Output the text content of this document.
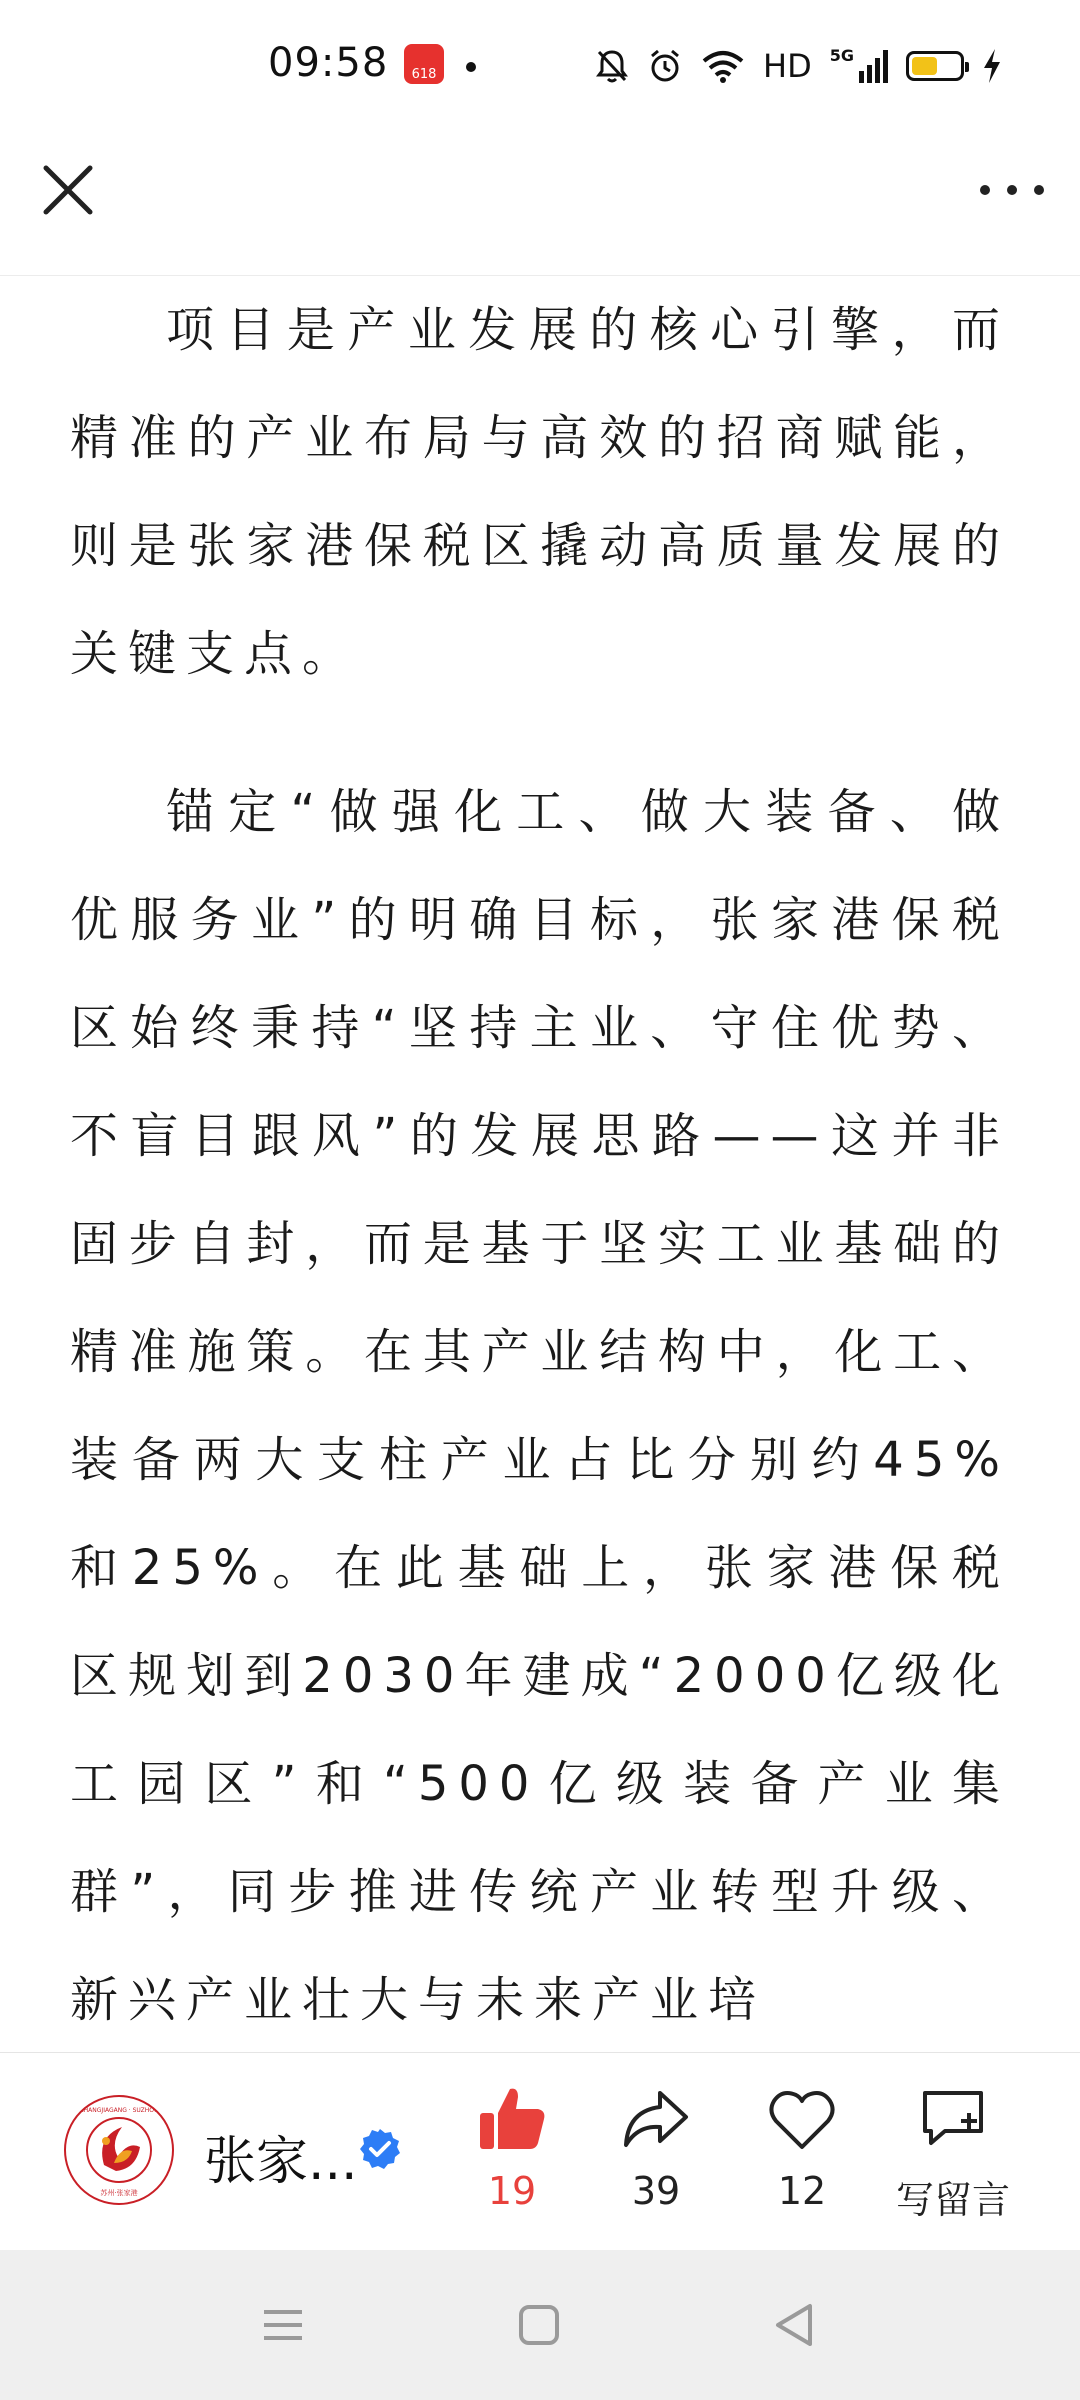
09:58	618	HD 5G

项目是产业发展的核心引擎，而精准的产业布局与高效的招商赋能，则是张家港保税区撬动高质量发展的关键支点。

锚定“做强化工、做大装备、做优服务业”的明确目标，张家港保税区始终秉持“坚持主业、守住优势、不盲目跟风”的发展思路——这并非固步自封，而是基于坚实工业基础的精准施策。在其产业结构中，化工、装备两大支柱产业占比分别约45%和25%。在此基础上，张家港保税区规划到2030年建成“2000亿级化工园区”和“500亿级装备产业集群”，同步推进传统产业转型升级、新兴产业壮大与未来产业培

苏州·张家港
ZHANGJIAGANG · SUZHOU
张家...	19	39	12	写留言
